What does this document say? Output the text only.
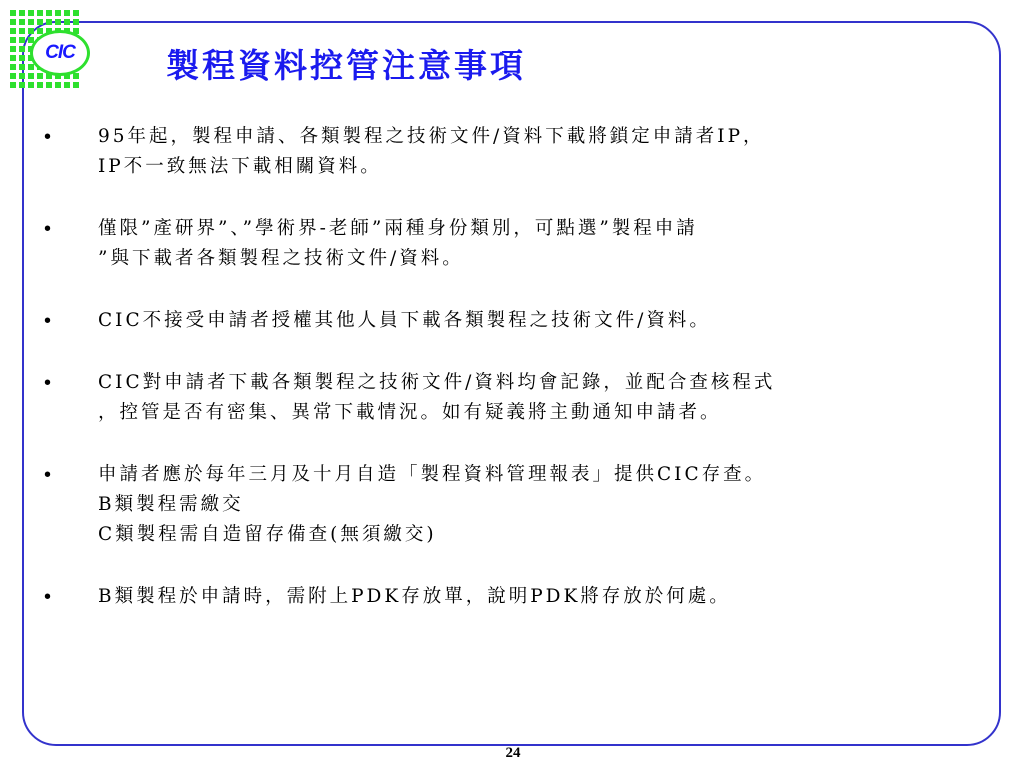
CIC	製程資料控管注意事項
• 95年起，製程申請、各類製程之技術文件/資料下載將鎖定申請者IP，
IP不一致無法下載相關資料。
• 僅限”產研界”、”學術界-老師”兩種身份類別，可點選”製程申請
”與下載者各類製程之技術文件/資料。
• CIC不接受申請者授權其他人員下載各類製程之技術文件/資料。
• CIC對申請者下載各類製程之技術文件/資料均會記錄，並配合查核程式
，控管是否有密集、異常下載情況。如有疑義將主動通知申請者。
• 申請者應於每年三月及十月自造「製程資料管理報表」提供CIC存查。
B類製程需繳交
C類製程需自造留存備查(無須繳交)
• B類製程於申請時，需附上PDK存放單，說明PDK將存放於何處。
24
